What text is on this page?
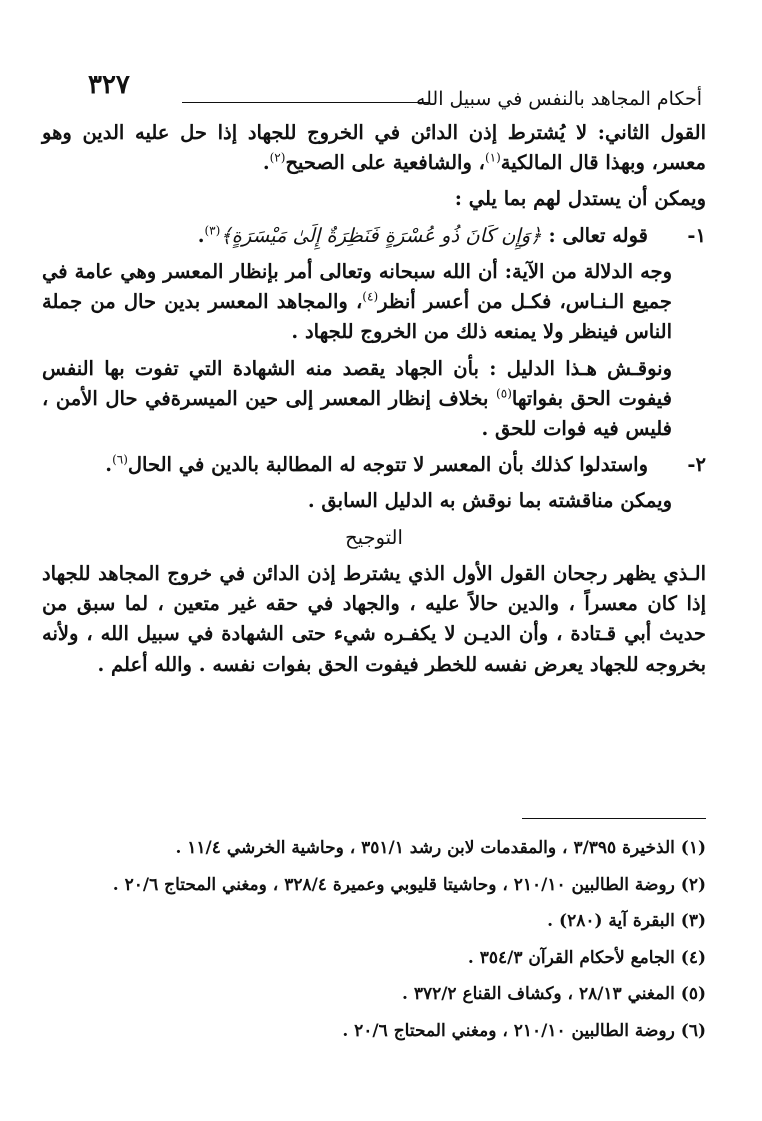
٣٢٧	أحكام المجاهد بالنفس في سبيل الله

القول الثاني: لا يُشترط إذن الدائن في الخروج للجهاد إذا حل عليه الدين وهو معسر، وبهذا قال المالكية$^{(١)}$، والشافعية على الصحيح$^{(٢)}$.

ويمكن أن يستدل لهم بما يلي :

١-
قوله تعالى : ﴿وَإِن كَانَ ذُو عُسْرَةٍ فَنَظِرَةٌ إِلَىٰ مَيْسَرَةٍ﴾$^{(٣)}$.

وجه الدلالة من الآية: أن الله سبحانه وتعالى أمر بإنظار المعسر وهي عامة في جميع الـنـاس، فكـل من أعسر أنظر$^{(٤)}$، والمجاهد المعسر بدين حال من جملة الناس فينظر ولا يمنعه ذلك من الخروج للجهاد .

ونوقـش هـذا الدليل : بأن الجهاد يقصد منه الشهادة التي تفوت بها النفس فيفوت الحق بفواتها$^{(٥)}$ بخلاف إنظار المعسر إلى حين الميسرةفي حال الأمن ، فليس فيه فوات للحق .

٢-
واستدلوا كذلك بأن المعسر لا تتوجه له المطالبة بالدين في الحال$^{(٦)}$.

ويمكن مناقشته بما نوقش به الدليل السابق .

التوجيح

الـذي يظهر رجحان القول الأول الذي يشترط إذن الدائن في خروج المجاهد للجهاد إذا كان معسراً ، والدين حالاً عليه ، والجهاد في حقه غير متعين ، لما سبق من حديث أبي قـتادة ، وأن الديـن لا يكفـره شيء حتى الشهادة في سبيل الله ، ولأنه بخروجه للجهاد يعرض نفسه للخطر فيفوت الحق بفوات نفسه . والله أعلم .

(١) الذخيرة ٣/٣٩٥ ، والمقدمات لابن رشد ٣٥١/١ ، وحاشية الخرشي ١١/٤ .
(٢) روضة الطالبين ٢١٠/١٠ ، وحاشيتا قليوبي وعميرة ٣٢٨/٤ ، ومغني المحتاج ٢٠/٦ .
(٣) البقرة آية (٢٨٠) .
(٤) الجامع لأحكام القرآن ٣٥٤/٣ .
(٥) المغني ٢٨/١٣ ، وكشاف القناع ٣٧٢/٢ .
(٦) روضة الطالبين ٢١٠/١٠ ، ومغني المحتاج ٢٠/٦ .
